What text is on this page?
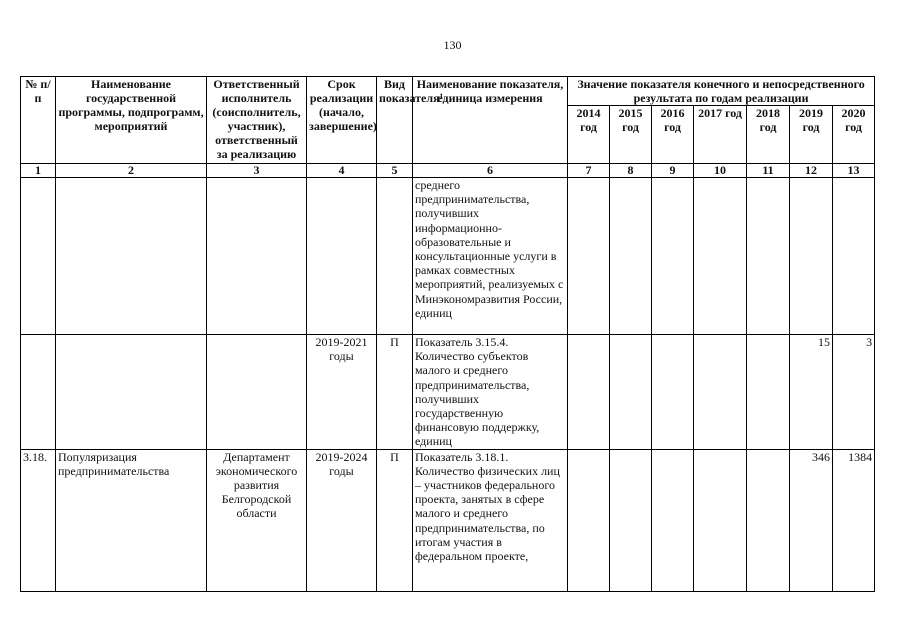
130
№ п/п	Наименование государственной программы, подпрограмм, мероприятий	Ответственный исполнитель (соисполнитель, участник), ответственный за реализацию	Срок реализации (начало, завершение)	Вид показателя¹	Наименование показателя, единица измерения	Значение показателя конечного и непосредственного результата по годам реализации						
						2014 год	2015 год	2016 год	2017 год	2018 год	2019 год	2020 год
1	2	3	4	5	6	7	8	9	10	11	12	13
					среднего предпринимательства, получивших информационно-образовательные и консультационные услуги в рамках совместных мероприятий, реализуемых с Минэкономразвития России, единиц							
			2019-2021 годы	П	Показатель 3.15.4. Количество субъектов малого и среднего предпринимательства, получивших государственную финансовую поддержку, единиц						15	3
3.18.	Популяризация предпринимательства	Департамент экономического развития Белгородской области	2019-2024 годы	П	Показатель 3.18.1. Количество физических лиц – участников федерального проекта, занятых в сфере малого и среднего предпринимательства, по итогам участия в федеральном проекте,						346	1384
